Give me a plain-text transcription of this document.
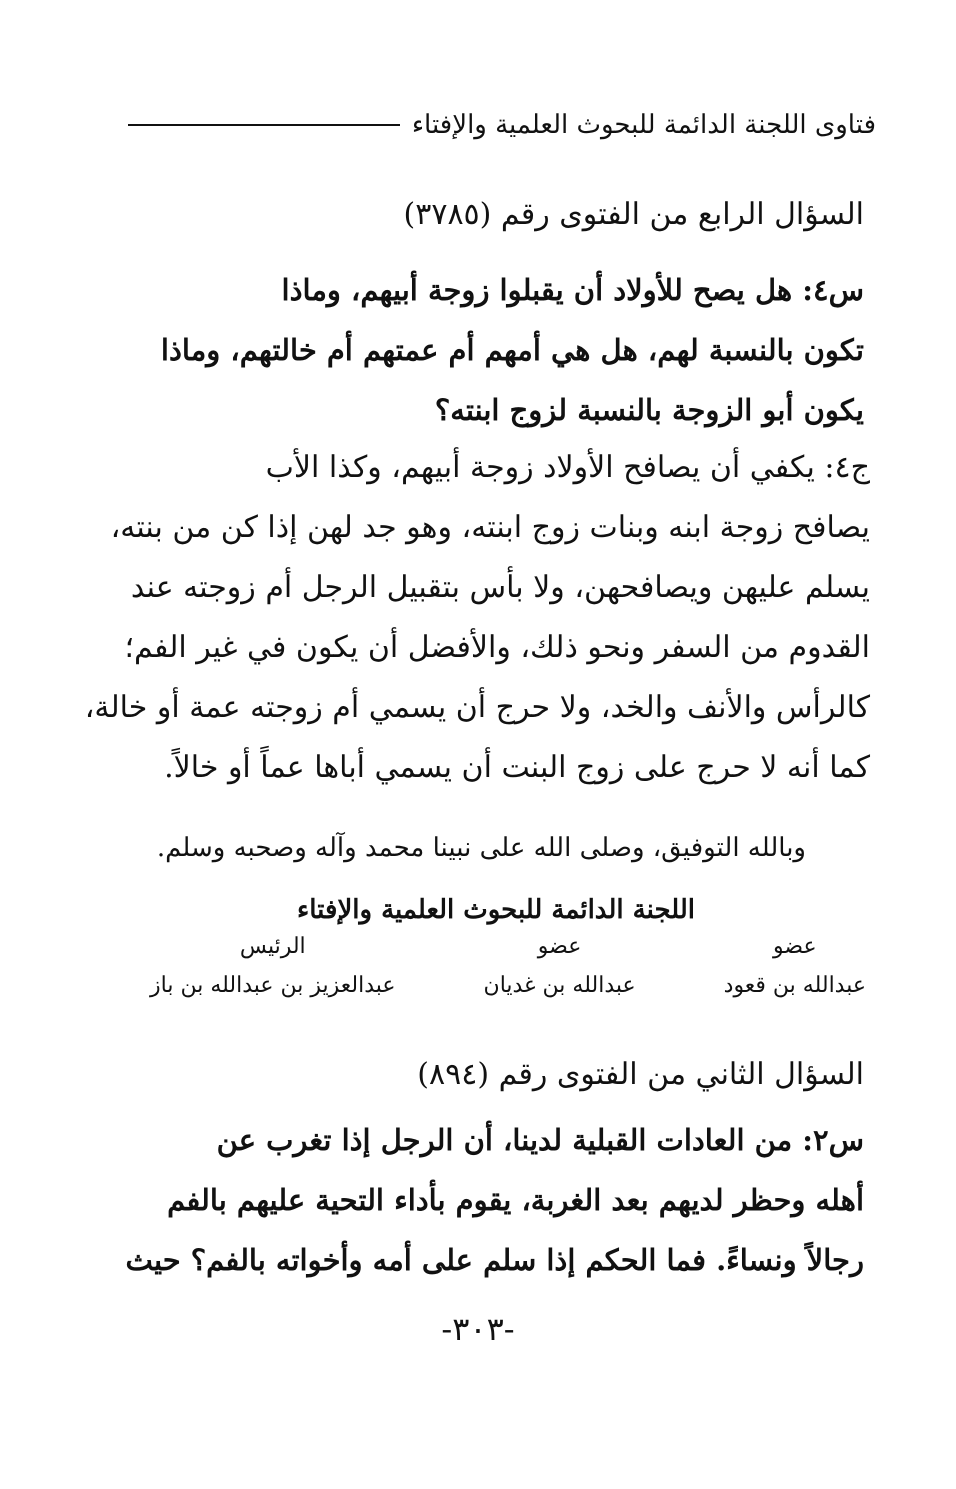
فتاوى اللجنة الدائمة للبحوث العلمية والإفتاء
السؤال الرابع من الفتوى رقم (٣٧٨٥)
س٤: هل يصح للأولاد أن يقبلوا زوجة أبيهم، وماذا
تكون بالنسبة لهم، هل هي أمهم أم عمتهم أم خالتهم، وماذا
يكون أبو الزوجة بالنسبة لزوج ابنته؟
ج٤: يكفي أن يصافح الأولاد زوجة أبيهم، وكذا الأب
يصافح زوجة ابنه وبنات زوج ابنته، وهو جد لهن إذا كن من بنته،
يسلم عليهن ويصافحهن، ولا بأس بتقبيل الرجل أم زوجته عند
القدوم من السفر ونحو ذلك، والأفضل أن يكون في غير الفم؛
كالرأس والأنف والخد، ولا حرج أن يسمي أم زوجته عمة أو خالة،
كما أنه لا حرج على زوج البنت أن يسمي أباها عماً أو خالاً.
وبالله التوفيق، وصلى الله على نبينا محمد وآله وصحبه وسلم.
اللجنة الدائمة للبحوث العلمية والإفتاء
عضو
عبدالله بن قعود
عضو
عبدالله بن غديان
الرئيس
عبدالعزيز بن عبدالله بن باز
السؤال الثاني من الفتوى رقم (٨٩٤)
س٢: من العادات القبلية لدينا، أن الرجل إذا تغرب عن
أهله وحظر لديهم بعد الغربة، يقوم بأداء التحية عليهم بالفم
رجالاً ونساءً. فما الحكم إذا سلم على أمه وأخواته بالفم؟ حيث
-٣٠٣-
